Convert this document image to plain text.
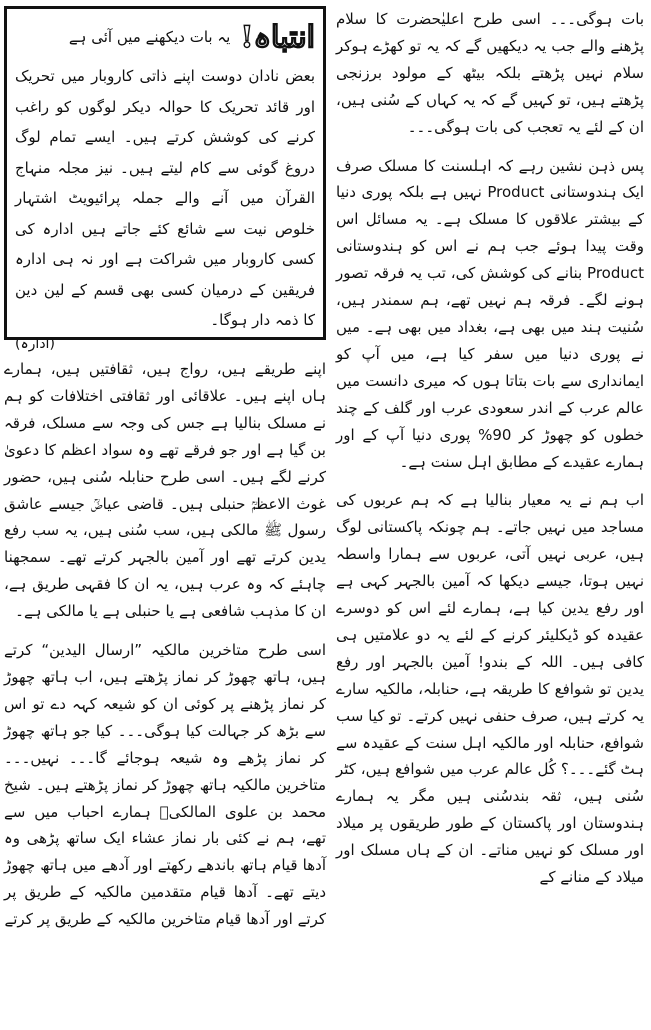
انتباہ!
یہ بات دیکھنے میں آئی ہے
بعض نادان دوست اپنے ذاتی کاروبار میں تحریک اور قائد تحریک کا حوالہ دیکر لوگوں کو راغب کرنے کی کوشش کرتے ہیں۔ ایسے تمام لوگ دروغ گوئی سے کام لیتے ہیں۔ نیز مجلہ منہاج القرآن میں آنے والے جملہ پرائیویٹ اشتہار خلوص نیت سے شائع کئے جاتے ہیں ادارہ کی کسی کاروبار میں شراکت ہے اور نہ ہی ادارہ فریقین کے درمیان کسی بھی قسم کے لین دین کا ذمہ دار ہوگا۔
(ادارہ)

بات ہوگی۔۔۔ اسی طرح اعلیٰحضرت کا سلام پڑھنے والے جب یہ دیکھیں گے کہ یہ تو کھڑے ہوکر سلام نہیں پڑھتے بلکہ بیٹھ کے مولود برزنجی پڑھتے ہیں، تو کہیں گے کہ یہ کہاں کے سُنی ہیں، ان کے لئے یہ تعجب کی بات ہوگی۔۔۔

پس ذہن نشین رہے کہ اہلسنت کا مسلک صرف ایک ہندوستانی Product نہیں ہے بلکہ پوری دنیا کے بیشتر علاقوں کا مسلک ہے۔ یہ مسائل اس وقت پیدا ہوئے جب ہم نے اس کو ہندوستانی Product بنانے کی کوشش کی، تب یہ فرقہ تصور ہونے لگے۔ فرقہ ہم نہیں تھے، ہم سمندر ہیں، سُنیت ہند میں بھی ہے، بغداد میں بھی ہے۔ میں نے پوری دنیا میں سفر کیا ہے، میں آپ کو ایمانداری سے بات بتاتا ہوں کہ میری دانست میں عالم عرب کے اندر سعودی عرب اور گلف کے چند خطوں کو چھوڑ کر 90% پوری دنیا آپ کے اور ہمارے عقیدے کے مطابق اہل سنت ہے۔

اب ہم نے یہ معیار بنالیا ہے کہ ہم عربوں کی مساجد میں نہیں جاتے۔ ہم چونکہ پاکستانی لوگ ہیں، عربی نہیں آتی، عربوں سے ہمارا واسطہ نہیں ہوتا، جیسے دیکھا کہ آمین بالجہر کہی ہے اور رفع یدین کیا ہے، ہمارے لئے اس کو دوسرے عقیدہ کو ڈیکلیئر کرنے کے لئے یہ دو علامتیں ہی کافی ہیں۔ اللہ کے بندو! آمین بالجہر اور رفع یدین تو شوافع کا طریقہ ہے، حنابلہ، مالکیہ سارے یہ کرتے ہیں، صرف حنفی نہیں کرتے۔ تو کیا سب شوافع، حنابلہ اور مالکیہ اہل سنت کے عقیدہ سے ہٹ گئے۔۔۔؟ کُل عالم عرب میں شوافع ہیں، کٹر سُنی ہیں، ثقہ بندسُنی ہیں مگر یہ ہمارے ہندوستان اور پاکستان کے طور طریقوں پر میلاد اور مسلک کو نہیں مناتے۔ ان کے ہاں مسلک اور میلاد کے منانے کے

اپنے طریقے ہیں، رواج ہیں، ثقافتیں ہیں، ہمارے ہاں اپنے ہیں۔ علاقائی اور ثقافتی اختلافات کو ہم نے مسلک بنالیا ہے جس کی وجہ سے مسلک، فرقہ بن گیا ہے اور جو فرقے تھے وہ سواد اعظم کا دعویٰ کرنے لگے ہیں۔ اسی طرح حنابلہ سُنی ہیں، حضور غوث الاعظمؒ حنبلی ہیں۔ قاضی عیاضؒ جیسے عاشق رسول ﷺ مالکی ہیں، سب سُنی ہیں، یہ سب رفع یدین کرتے تھے اور آمین بالجہر کرتے تھے۔ سمجھنا چاہئے کہ وہ عرب ہیں، یہ ان کا فقہی طریق ہے، ان کا مذہب شافعی ہے یا حنبلی ہے یا مالکی ہے۔

اسی طرح متاخرین مالکیہ ”ارسال الیدین“ کرتے ہیں، ہاتھ چھوڑ کر نماز پڑھتے ہیں، اب ہاتھ چھوڑ کر نماز پڑھنے پر کوئی ان کو شیعہ کہہ دے تو اس سے بڑھ کر جہالت کیا ہوگی۔۔۔ کیا جو ہاتھ چھوڑ کر نماز پڑھے وہ شیعہ ہوجائے گا۔۔۔ نہیں۔۔۔ متاخرین مالکیہ ہاتھ چھوڑ کر نماز پڑھتے ہیں۔ شیخ محمد بن علوی المالکیؒ ہمارے احباب میں سے تھے، ہم نے کئی بار نماز عشاء ایک ساتھ پڑھی وہ آدھا قیام ہاتھ باندھے رکھتے اور آدھے میں ہاتھ چھوڑ دیتے تھے۔ آدھا قیام متقدمین مالکیہ کے طریق پر کرتے اور آدھا قیام متاخرین مالکیہ کے طریق پر کرتے
